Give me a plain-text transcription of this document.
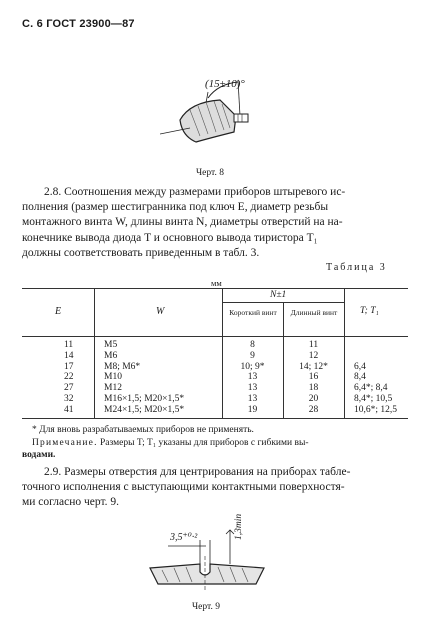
С. 6 ГОСТ 23900—87
(15±10)°
Черт. 8
2.8. Соотношения между размерами приборов штыревого ис-
полнения (размер шестигранника под ключ E, диаметр резьбы
монтажного винта W, длины винта N, диаметры отверстий на на-
конечнике вывода диода T и основного вывода тиристора T₁
должны соответствовать приведенным в табл. 3.
Таблица 3
мм
E	W
N±1
Короткий винт	Длинный винт	T; T₁
11	М5	8	11
14	М6	9	12
17	М8; М6*	10; 9*	14; 12*	6,4
22	М10	13	16	8,4
27	М12	13	18	6,4*; 8,4
32	М16×1,5; М20×1,5*	13	20	8,4*; 10,5
41	М24×1,5; М20×1,5*	19	28	10,6*; 12,5
* Для вновь разрабатываемых приборов не применять.
Примечание. Размеры T; T₁ указаны для приборов с гибкими вы-
водами.
2.9. Размеры отверстия для центрирования на приборах табле-
точного исполнения с выступающими контактными поверхностя-
ми согласно черт. 9.
3,5⁺⁰·²	1,3min
Черт. 9
